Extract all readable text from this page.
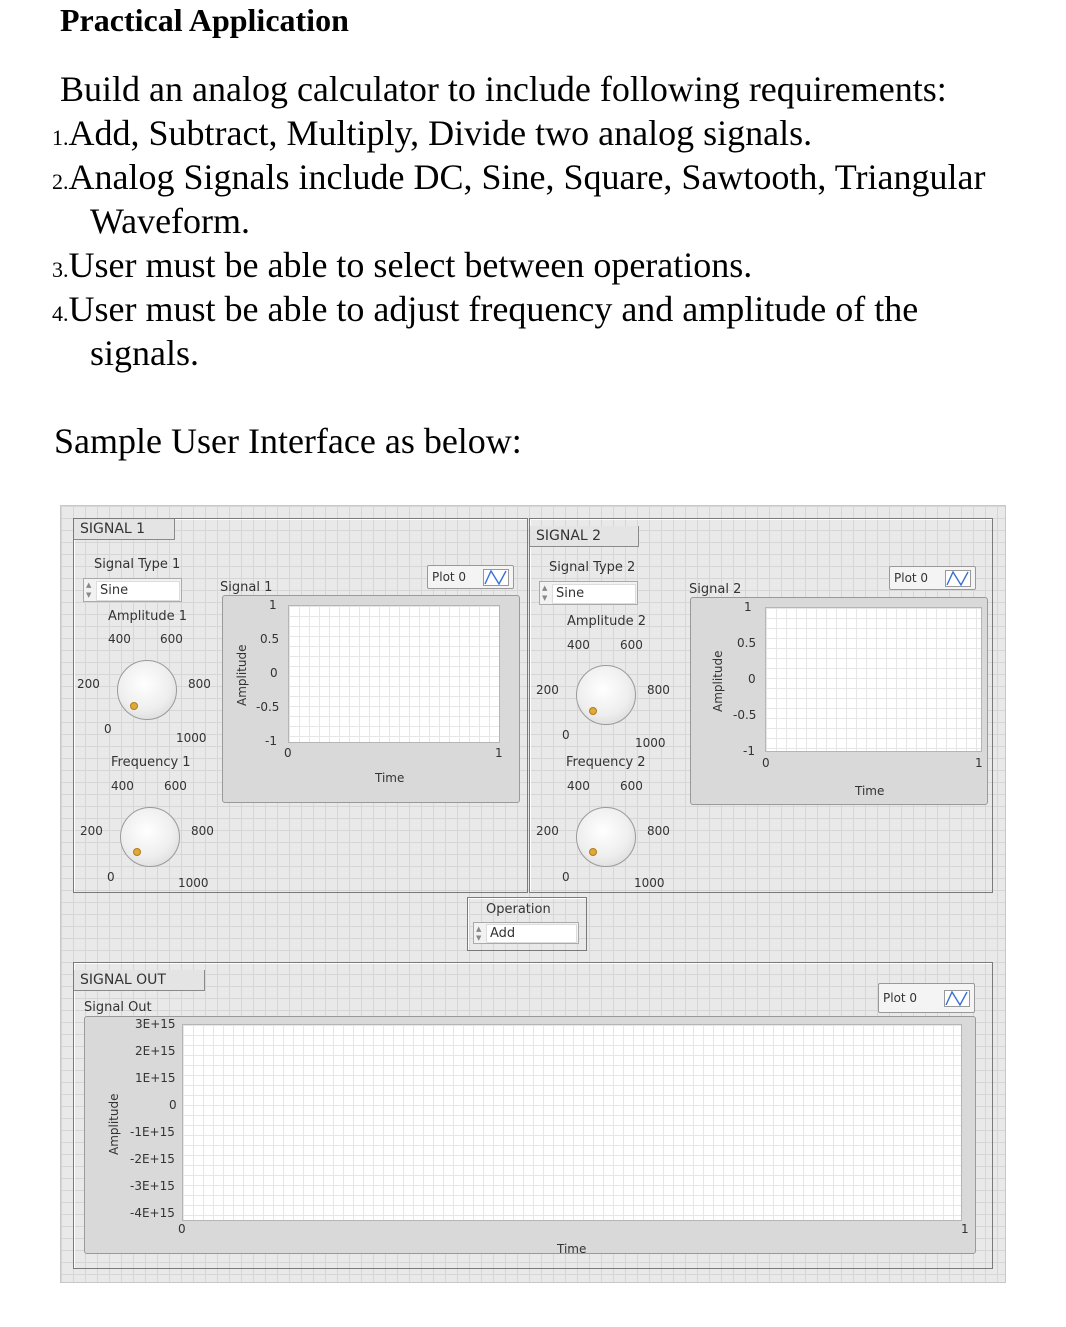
Practical Application
Build an analog calculator to include following requirements:
1.Add, Subtract, Multiply, Divide two analog signals.
2.Analog Signals include DC, Sine, Square, Sawtooth, Triangular
Waveform.
3.User must be able to select between operations.
4.User must be able to adjust frequency and amplitude of the
signals.
Sample User Interface as below:
SIGNAL 1
Signal Type 1
▲
▼ Sine
Amplitude 1
400 600
200	800
0
1000
Frequency 1
400	600
200	800
0	1000
Signal 1
Plot 0
1
0.5
0
-0.5
-1
0	1
Time
Amplitude
SIGNAL 2
Signal Type 2
▲
▼ Sine
Amplitude 2
400	600
200	800
0
1000
Frequency 2
400	600
200	800
0	1000
Signal 2
Plot 0
1
0.5
0
-0.5
-1
0	1
Time
Amplitude
Operation
▲
▼ Add
SIGNAL OUT
Signal Out
Plot 0
3E+15
2E+15
1E+15
0
-1E+15
-2E+15
-3E+15
-4E+15
0	1
Time
Amplitude
